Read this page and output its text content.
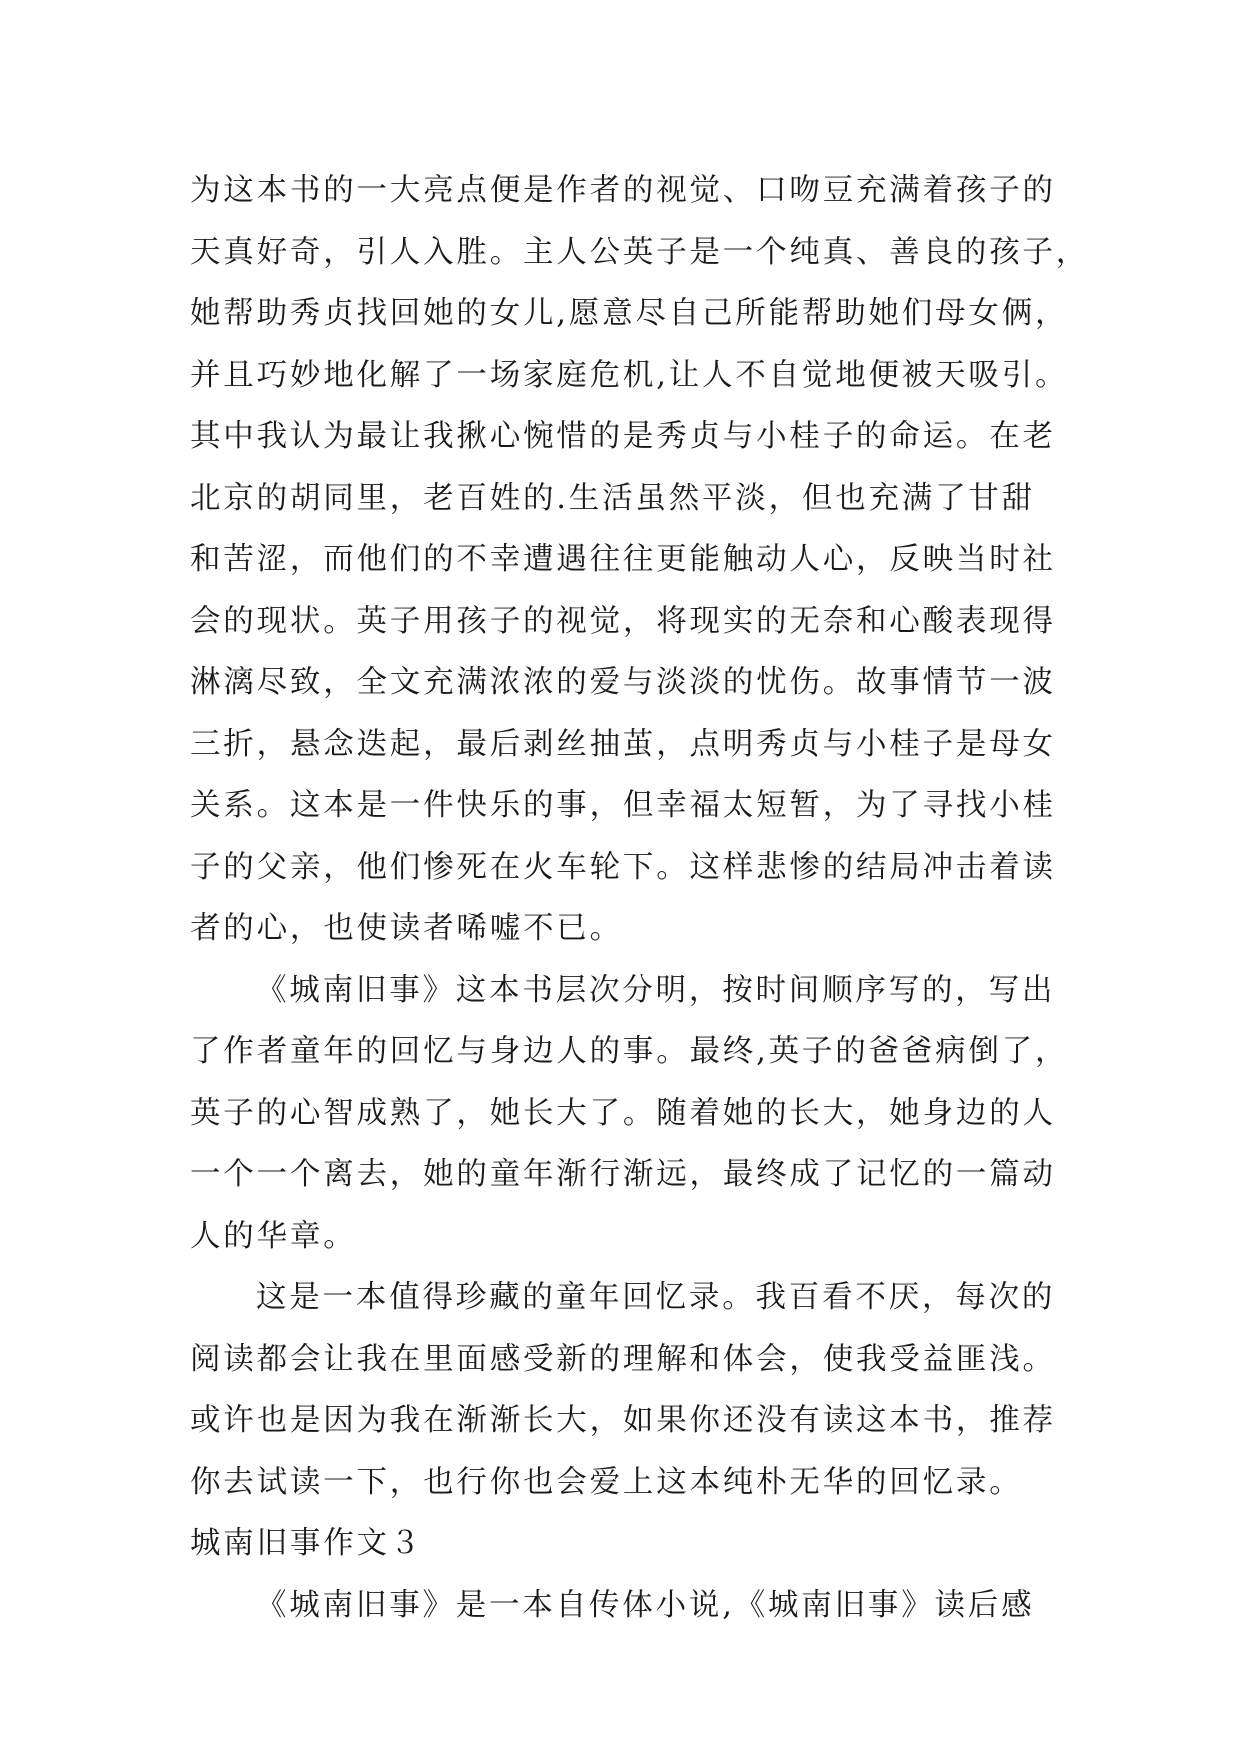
为这本书的一大亮点便是作者的视觉、口吻豆充满着孩子的
天真好奇，引人入胜。主人公英子是一个纯真、善良的孩子，
她帮助秀贞找回她的女儿,愿意尽自己所能帮助她们母女俩，
并且巧妙地化解了一场家庭危机,让人不自觉地便被天吸引。
其中我认为最让我揪心惋惜的是秀贞与小桂子的命运。在老
北京的胡同里，老百姓的.生活虽然平淡，但也充满了甘甜
和苦涩，而他们的不幸遭遇往往更能触动人心，反映当时社
会的现状。英子用孩子的视觉，将现实的无奈和心酸表现得
淋漓尽致，全文充满浓浓的爱与淡淡的忧伤。故事情节一波
三折，悬念迭起，最后剥丝抽茧，点明秀贞与小桂子是母女
关系。这本是一件快乐的事，但幸福太短暂，为了寻找小桂
子的父亲，他们惨死在火车轮下。这样悲惨的结局冲击着读
者的心，也使读者唏嘘不已。
《城南旧事》这本书层次分明，按时间顺序写的，写出
了作者童年的回忆与身边人的事。最终,英子的爸爸病倒了，
英子的心智成熟了，她长大了。随着她的长大，她身边的人
一个一个离去，她的童年渐行渐远，最终成了记忆的一篇动
人的华章。
这是一本值得珍藏的童年回忆录。我百看不厌，每次的
阅读都会让我在里面感受新的理解和体会，使我受益匪浅。
或许也是因为我在渐渐长大，如果你还没有读这本书，推荐
你去试读一下，也行你也会爱上这本纯朴无华的回忆录。
城南旧事作文３
《城南旧事》是一本自传体小说,《城南旧事》读后感
